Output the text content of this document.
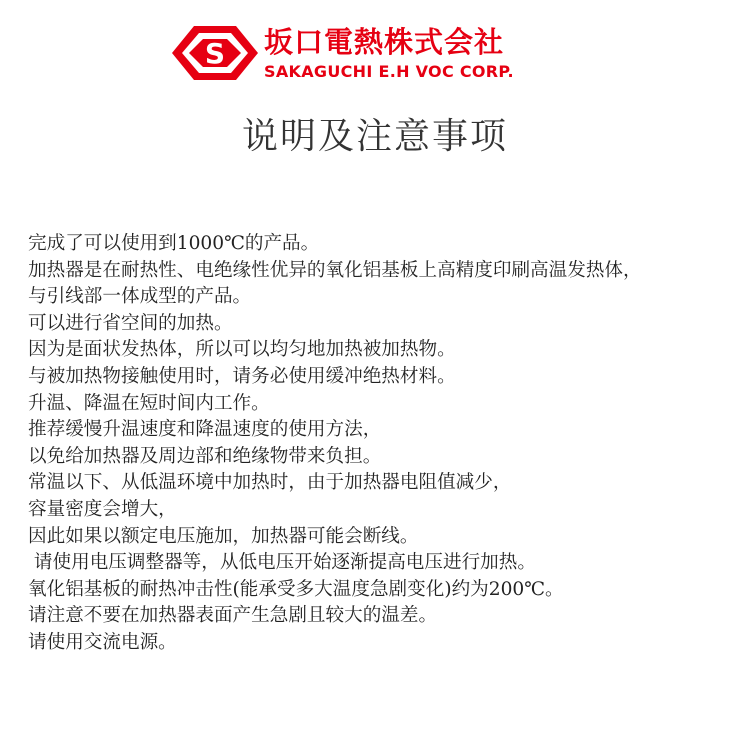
S 坂口電熱株式会社
SAKAGUCHI E.H VOC CORP.
说明及注意事项
完成了可以使用到1000℃的产品。
加热器是在耐热性、电绝缘性优异的氧化铝基板上高精度印刷高温发热体，
与引线部一体成型的产品。
可以进行省空间的加热。
因为是面状发热体，所以可以均匀地加热被加热物。
与被加热物接触使用时，请务必使用缓冲绝热材料。
升温、降温在短时间内工作。
推荐缓慢升温速度和降温速度的使用方法，
以免给加热器及周边部和绝缘物带来负担。
常温以下、从低温环境中加热时，由于加热器电阻值减少，
容量密度会增大，
因此如果以额定电压施加，加热器可能会断线。
请使用电压调整器等，从低电压开始逐渐提高电压进行加热。
氧化铝基板的耐热冲击性(能承受多大温度急剧变化)约为200℃。
请注意不要在加热器表面产生急剧且较大的温差。
请使用交流电源。
